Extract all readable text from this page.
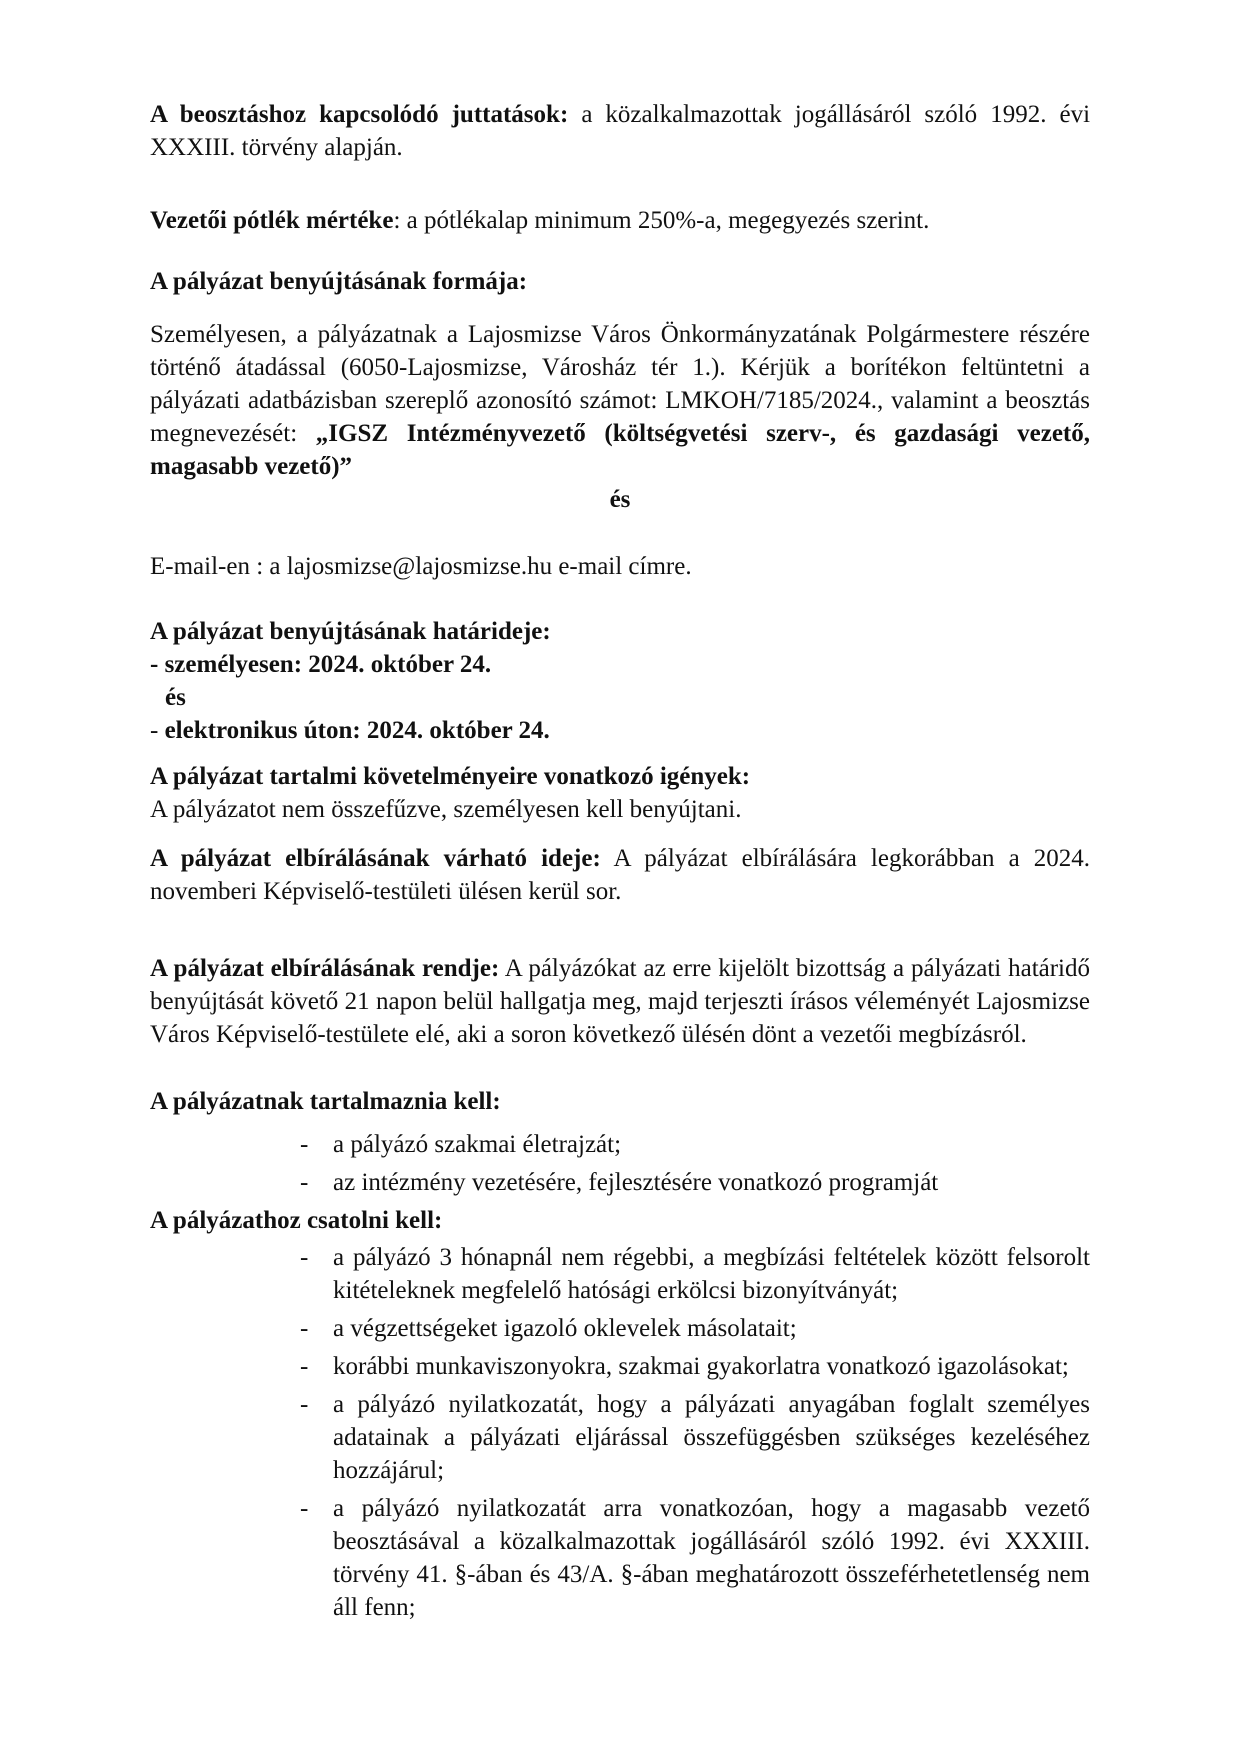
A beosztáshoz kapcsolódó juttatások: a közalkalmazottak jogállásáról szóló 1992. évi XXXIII. törvény alapján.

Vezetői pótlék mértéke: a pótlékalap minimum 250%-a, megegyezés szerint.

A pályázat benyújtásának formája:

Személyesen, a pályázatnak a Lajosmizse Város Önkormányzatának Polgármestere részére történő átadással (6050-Lajosmizse, Városház tér 1.). Kérjük a borítékon feltüntetni a pályázati adatbázisban szereplő azonosító számot: LMKOH/7185/2024., valamint a beosztás megnevezését: „IGSZ Intézményvezető (költségvetési szerv-, és gazdasági vezető, magasabb vezető)”

és

E-mail-en : a lajosmizse@lajosmizse.hu e-mail címre.

A pályázat benyújtásának határideje:

- személyesen: 2024. október 24.

és

- elektronikus úton: 2024. október 24.

A pályázat tartalmi követelményeire vonatkozó igények:

A pályázatot nem összefűzve, személyesen kell benyújtani.

A pályázat elbírálásának várható ideje: A pályázat elbírálására legkorábban a 2024. novemberi Képviselő-testületi ülésen kerül sor.

A pályázat elbírálásának rendje: A pályázókat az erre kijelölt bizottság a pályázati határidő benyújtását követő 21 napon belül hallgatja meg, majd terjeszti írásos véleményét Lajosmizse Város Képviselő-testülete elé, aki a soron következő ülésén dönt a vezetői megbízásról.

A pályázatnak tartalmaznia kell:

- a pályázó szakmai életrajzát;
- az intézmény vezetésére, fejlesztésére vonatkozó programját

A pályázathoz csatolni kell:

- a pályázó 3 hónapnál nem régebbi, a megbízási feltételek között felsorolt kitételeknek megfelelő hatósági erkölcsi bizonyítványát;
- a végzettségeket igazoló oklevelek másolatait;
- korábbi munkaviszonyokra, szakmai gyakorlatra vonatkozó igazolásokat;
- a pályázó nyilatkozatát, hogy a pályázati anyagában foglalt személyes adatainak a pályázati eljárással összefüggésben szükséges kezeléséhez hozzájárul;
- a pályázó nyilatkozatát arra vonatkozóan, hogy a magasabb vezető beosztásával a közalkalmazottak jogállásáról szóló 1992. évi XXXIII. törvény 41. §-ában és 43/A. §-ában meghatározott összeférhetetlenség nem áll fenn;
